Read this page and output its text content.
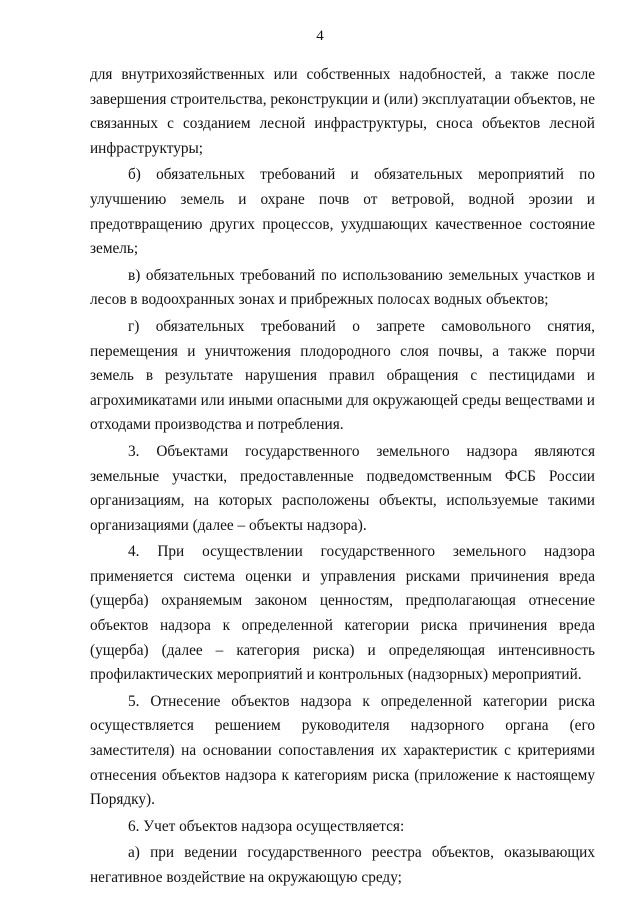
4

для внутрихозяйственных или собственных надобностей, а также после завершения строительства, реконструкции и (или) эксплуатации объектов, не связанных с созданием лесной инфраструктуры, сноса объектов лесной инфраструктуры;

б) обязательных требований и обязательных мероприятий по улучшению земель и охране почв от ветровой, водной эрозии и предотвращению других процессов, ухудшающих качественное состояние земель;

в) обязательных требований по использованию земельных участков и лесов в водоохранных зонах и прибрежных полосах водных объектов;

г) обязательных требований о запрете самовольного снятия, перемещения и уничтожения плодородного слоя почвы, а также порчи земель в результате нарушения правил обращения с пестицидами и агрохимикатами или иными опасными для окружающей среды веществами и отходами производства и потребления.

3. Объектами государственного земельного надзора являются земельные участки, предоставленные подведомственным ФСБ России организациям, на которых расположены объекты, используемые такими организациями (далее – объекты надзора).

4. При осуществлении государственного земельного надзора применяется система оценки и управления рисками причинения вреда (ущерба) охраняемым законом ценностям, предполагающая отнесение объектов надзора к определенной категории риска причинения вреда (ущерба) (далее – категория риска) и определяющая интенсивность профилактических мероприятий и контрольных (надзорных) мероприятий.

5. Отнесение объектов надзора к определенной категории риска осуществляется решением руководителя надзорного органа (его заместителя) на основании сопоставления их характеристик с критериями отнесения объектов надзора к категориям риска (приложение к настоящему Порядку).

6. Учет объектов надзора осуществляется:

а) при ведении государственного реестра объектов, оказывающих негативное воздействие на окружающую среду;
